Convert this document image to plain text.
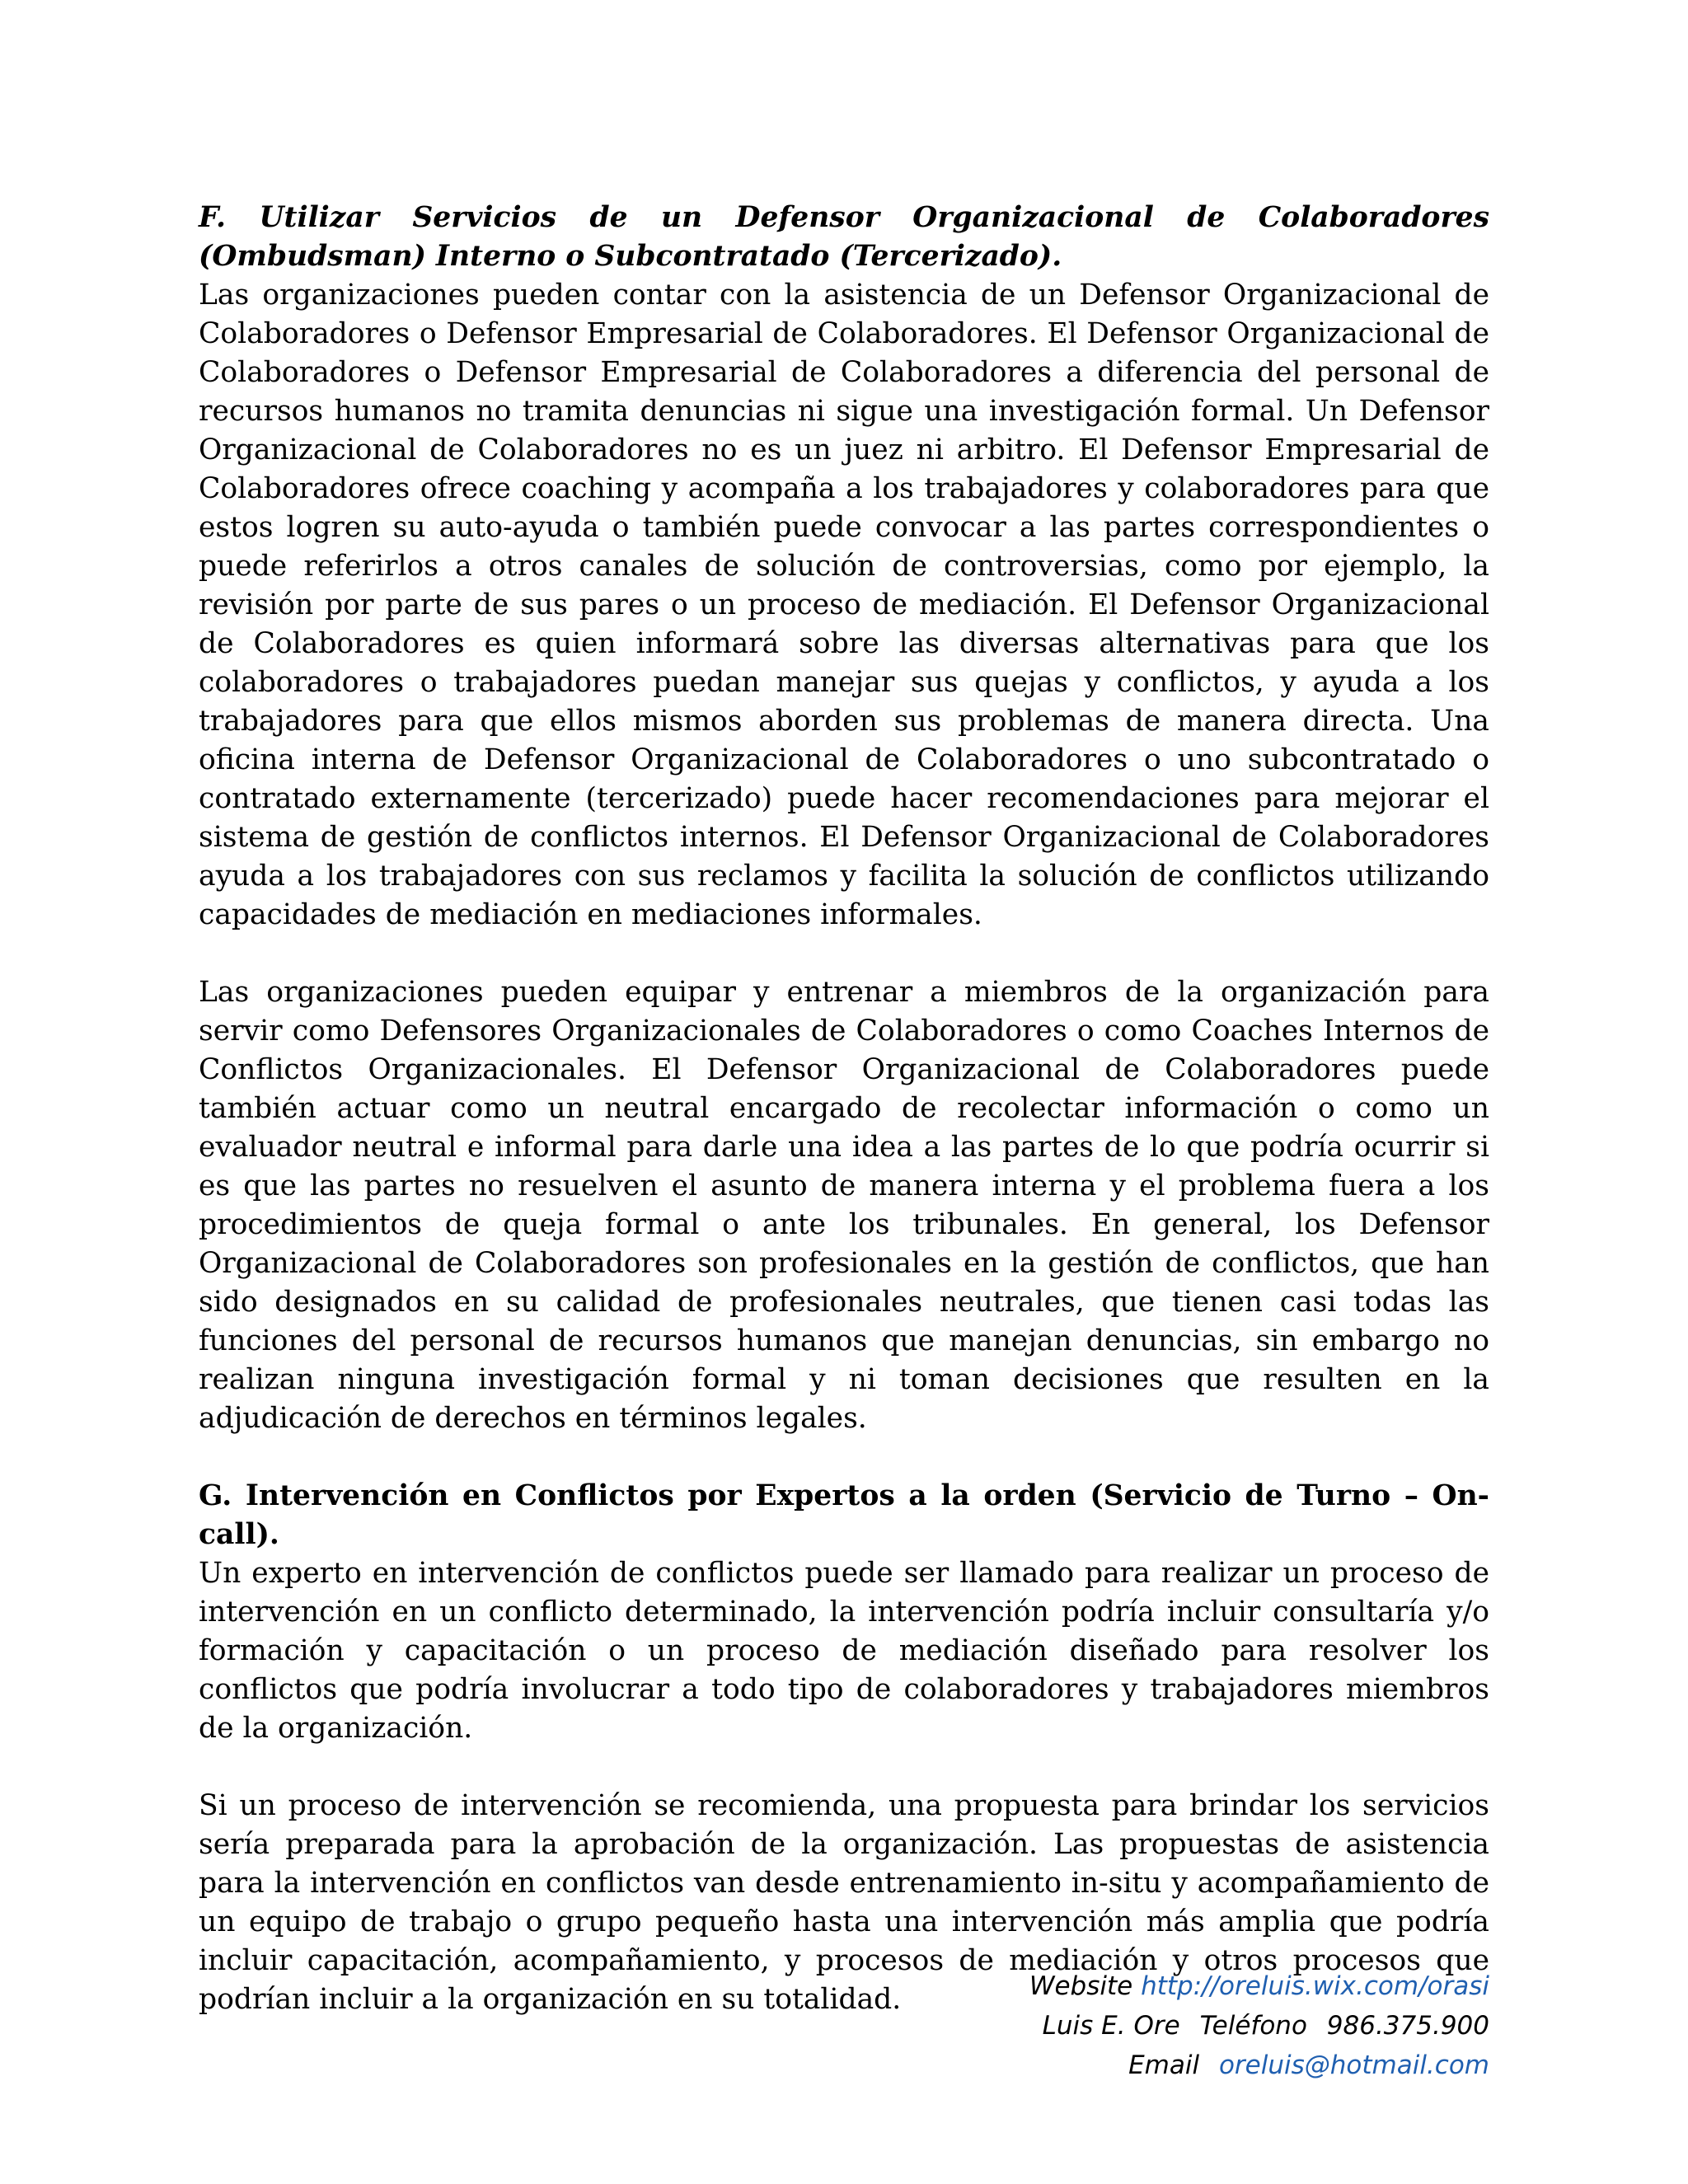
F. Utilizar Servicios de un Defensor Organizacional de Colaboradores (Ombudsman) Interno o Subcontratado (Tercerizado).

Las organizaciones pueden contar con la asistencia de un Defensor Organizacional de Colaboradores o Defensor Empresarial de Colaboradores. El Defensor Organizacional de Colaboradores o Defensor Empresarial de Colaboradores a diferencia del personal de recursos humanos no tramita denuncias ni sigue una investigación formal. Un Defensor Organizacional de Colaboradores no es un juez ni arbitro. El Defensor Empresarial de Colaboradores ofrece coaching y acompaña a los trabajadores y colaboradores para que estos logren su auto-ayuda o también puede convocar a las partes correspondientes o puede referirlos a otros canales de solución de controversias, como por ejemplo, la revisión por parte de sus pares o un proceso de mediación. El Defensor Organizacional de Colaboradores es quien informará sobre las diversas alternativas para que los colaboradores o trabajadores puedan manejar sus quejas y conflictos, y ayuda a los trabajadores para que ellos mismos aborden sus problemas de manera directa. Una oficina interna de Defensor Organizacional de Colaboradores o uno subcontratado o contratado externamente (tercerizado) puede hacer recomendaciones para mejorar el sistema de gestión de conflictos internos. El Defensor Organizacional de Colaboradores ayuda a los trabajadores con sus reclamos y facilita la solución de conflictos utilizando capacidades de mediación en mediaciones informales.

Las organizaciones pueden equipar y entrenar a miembros de la organización para servir como Defensores Organizacionales de Colaboradores o como Coaches Internos de Conflictos Organizacionales. El Defensor Organizacional de Colaboradores puede también actuar como un neutral encargado de recolectar información o como un evaluador neutral e informal para darle una idea a las partes de lo que podría ocurrir si es que las partes no resuelven el asunto de manera interna y el problema fuera a los procedimientos de queja formal o ante los tribunales. En general, los Defensor Organizacional de Colaboradores son profesionales en la gestión de conflictos, que han sido designados en su calidad de profesionales neutrales, que tienen casi todas las funciones del personal de recursos humanos que manejan denuncias, sin embargo no realizan ninguna investigación formal y ni toman decisiones que resulten en la adjudicación de derechos en términos legales.

G. Intervención en Conflictos por Expertos a la orden (Servicio de Turno – On-call).

Un experto en intervención de conflictos puede ser llamado para realizar un proceso de intervención en un conflicto determinado, la intervención podría incluir consultaría y/o formación y capacitación o un proceso de mediación diseñado para resolver los conflictos que podría involucrar a todo tipo de colaboradores y trabajadores miembros de la organización.

Si un proceso de intervención se recomienda, una propuesta para brindar los servicios sería preparada para la aprobación de la organización. Las propuestas de asistencia para la intervención en conflictos van desde entrenamiento in-situ y acompañamiento de un equipo de trabajo o grupo pequeño hasta una intervención más amplia que podría incluir capacitación, acompañamiento, y procesos de mediación y otros procesos que podrían incluir a la organización en su totalidad.	Website http://oreluis.wix.com/orasi
Luis E. Ore Teléfono 986.375.900
Email oreluis@hotmail.com
